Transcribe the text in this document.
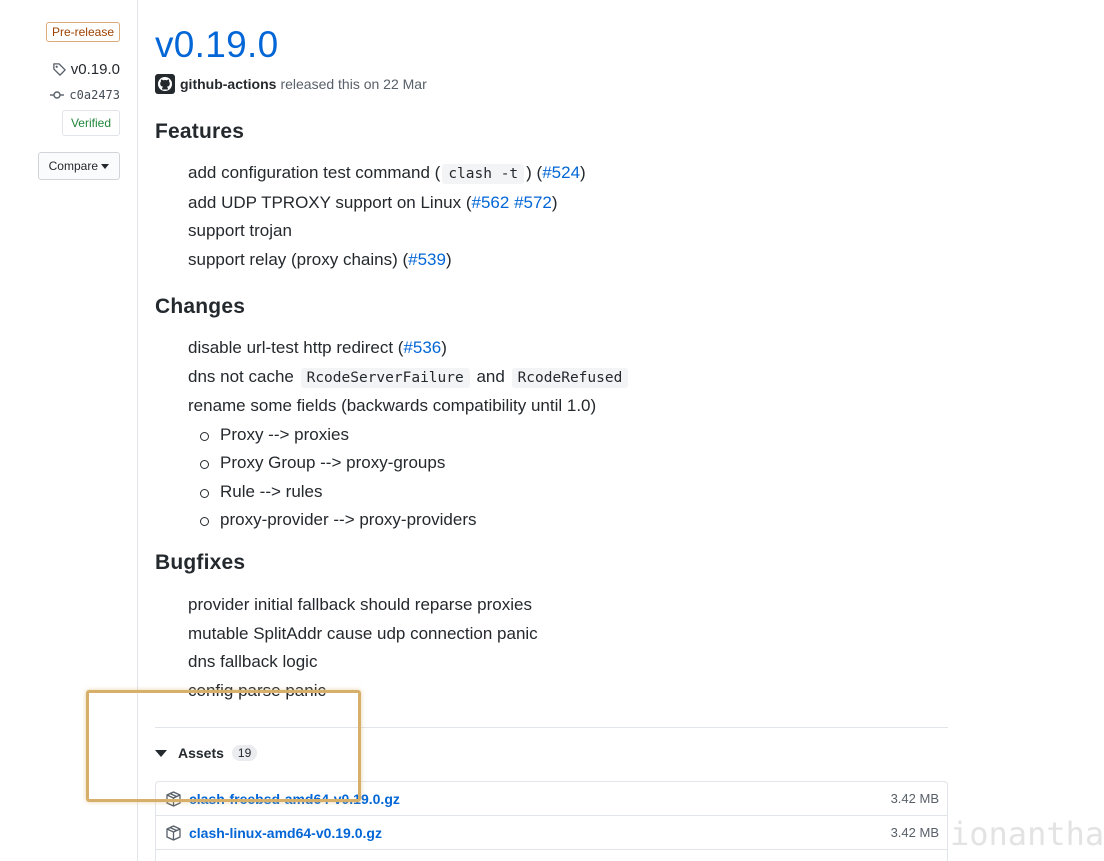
Pre-release
v0.19.0
c0a2473
Verified
Compare
v0.19.0
github-actions released this on 22 Mar
Features
add configuration test command ( clash -t ) (#524)
add UDP TPROXY support on Linux (#562 #572)
support trojan
support relay (proxy chains) (#539)
Changes
disable url-test http redirect (#536)
dns not cache RcodeServerFailure and RcodeRefused
rename some fields (backwards compatibility until 1.0)
Proxy --> proxies
Proxy Group --> proxy-groups
Rule --> rules
proxy-provider --> proxy-providers
Bugfixes
provider initial fallback should reparse proxies
mutable SplitAddr cause udp connection panic
dns fallback logic
config parse panic
Assets	19
clash-freebsd-amd64-v0.19.0.gz	3.42 MB
clash-linux-amd64-v0.19.0.gz	3.42 MB ionantha
